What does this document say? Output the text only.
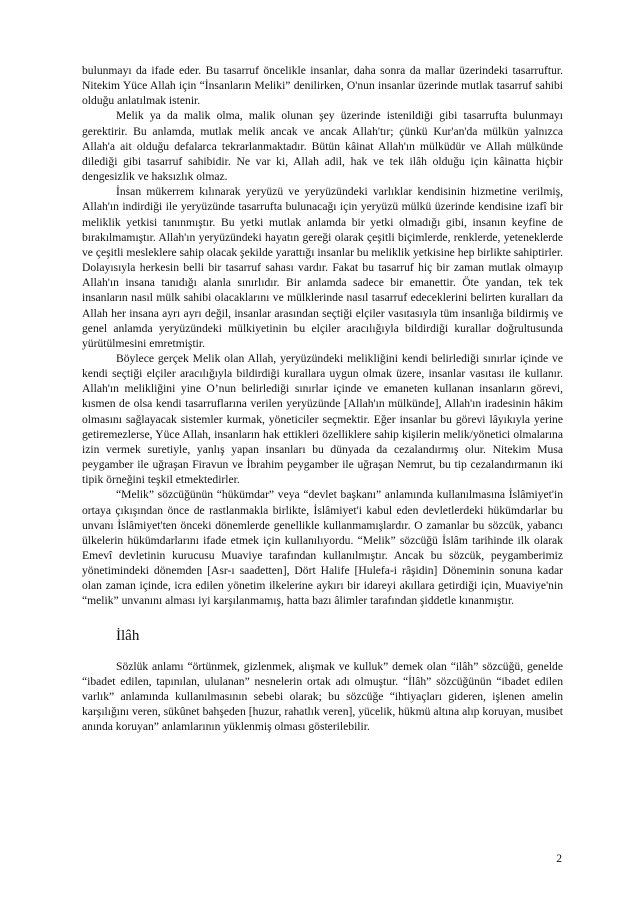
bulunmayı da ifade eder. Bu tasarruf öncelikle insanlar, daha sonra da mallar üzerindeki tasarruftur. Nitekim Yüce Allah için “İnsanların Meliki” denilirken, O'nun insanlar üzerinde mutlak tasarruf sahibi olduğu anlatılmak istenir.

Melik ya da malik olma, malik olunan şey üzerinde istenildiği gibi tasarrufta bulunmayı gerektirir. Bu anlamda, mutlak melik ancak ve ancak Allah'tır; çünkü Kur'an'da mülkün yalnızca Allah'a ait olduğu defalarca tekrarlanmaktadır. Bütün kâinat Allah'ın mülküdür ve Allah mülkünde dilediği gibi tasarruf sahibidir. Ne var ki, Allah adil, hak ve tek ilâh olduğu için kâinatta hiçbir dengesizlik ve haksızlık olmaz.

İnsan mükerrem kılınarak yeryüzü ve yeryüzündeki varlıklar kendisinin hizmetine verilmiş, Allah'ın indirdiği ile yeryüzünde tasarrufta bulunacağı için yeryüzü mülkü üzerinde kendisine izafî bir meliklik yetkisi tanınmıştır. Bu yetki mutlak anlamda bir yetki olmadığı gibi, insanın keyfine de bırakılmamıştır. Allah'ın yeryüzündeki hayatın gereği olarak çeşitli biçimlerde, renklerde, yeteneklerde ve çeşitli mesleklere sahip olacak şekilde yarattığı insanlar bu meliklik yetkisine hep birlikte sahiptirler. Dolayısıyla herkesin belli bir tasarruf sahası vardır. Fakat bu tasarruf hiç bir zaman mutlak olmayıp Allah'ın insana tanıdığı alanla sınırlıdır. Bir anlamda sadece bir emanettir. Öte yandan, tek tek insanların nasıl mülk sahibi olacaklarını ve mülklerinde nasıl tasarruf edeceklerini belirten kuralları da Allah her insana ayrı ayrı değil, insanlar arasından seçtiği elçiler vasıtasıyla tüm insanlığa bildirmiş ve genel anlamda yeryüzündeki mülkiyetinin bu elçiler aracılığıyla bildirdiği kurallar doğrultusunda yürütülmesini emretmiştir.

Böylece gerçek Melik olan Allah, yeryüzündeki melikliğini kendi belirlediği sınırlar içinde ve kendi seçtiği elçiler aracılığıyla bildirdiği kurallara uygun olmak üzere, insanlar vasıtası ile kullanır. Allah'ın melikliğini yine O’nun belirlediği sınırlar içinde ve emaneten kullanan insanların görevi, kısmen de olsa kendi tasarruflarına verilen yeryüzünde [Allah'ın mülkünde], Allah'ın iradesinin hâkim olmasını sağlayacak sistemler kurmak, yöneticiler seçmektir. Eğer insanlar bu görevi lâyıkıyla yerine getiremezlerse, Yüce Allah, insanların hak ettikleri özelliklere sahip kişilerin melik/yönetici olmalarına izin vermek suretiyle, yanlış yapan insanları bu dünyada da cezalandırmış olur. Nitekim Musa peygamber ile uğraşan Firavun ve İbrahim peygamber ile uğraşan Nemrut, bu tip cezalandırmanın iki tipik örneğini teşkil etmektedirler.

“Melik” sözcüğünün “hükümdar” veya “devlet başkanı” anlamında kullanılmasına İslâmiyet'in ortaya çıkışından önce de rastlanmakla birlikte, İslâmiyet'i kabul eden devletlerdeki hükümdarlar bu unvanı İslâmiyet'ten önceki dönemlerde genellikle kullanmamışlardır. O zamanlar bu sözcük, yabancı ülkelerin hükümdarlarını ifade etmek için kullanılıyordu. “Melik” sözcüğü İslâm tarihinde ilk olarak Emevî devletinin kurucusu Muaviye tarafından kullanılmıştır. Ancak bu sözcük, peygamberimiz yönetimindeki dönemden [Asr-ı saadetten], Dört Halife [Hulefa-i râşidin] Döneminin sonuna kadar olan zaman içinde, icra edilen yönetim ilkelerine aykırı bir idareyi akıllara getirdiği için, Muaviye'nin “melik” unvanını alması iyi karşılanmamış, hatta bazı âlimler tarafından şiddetle kınanmıştır.

İlâh

Sözlük anlamı “örtünmek, gizlenmek, alışmak ve kulluk” demek olan “ilâh” sözcüğü, genelde “ibadet edilen, tapınılan, ululanan” nesnelerin ortak adı olmuştur. “İlâh” sözcüğünün “ibadet edilen varlık” anlamında kullanılmasının sebebi olarak; bu sözcüğe “ihtiyaçları gideren, işlenen amelin karşılığını veren, sükûnet bahşeden [huzur, rahatlık veren], yücelik, hükmü altına alıp koruyan, musibet anında koruyan” anlamlarının yüklenmiş olması gösterilebilir.

2
